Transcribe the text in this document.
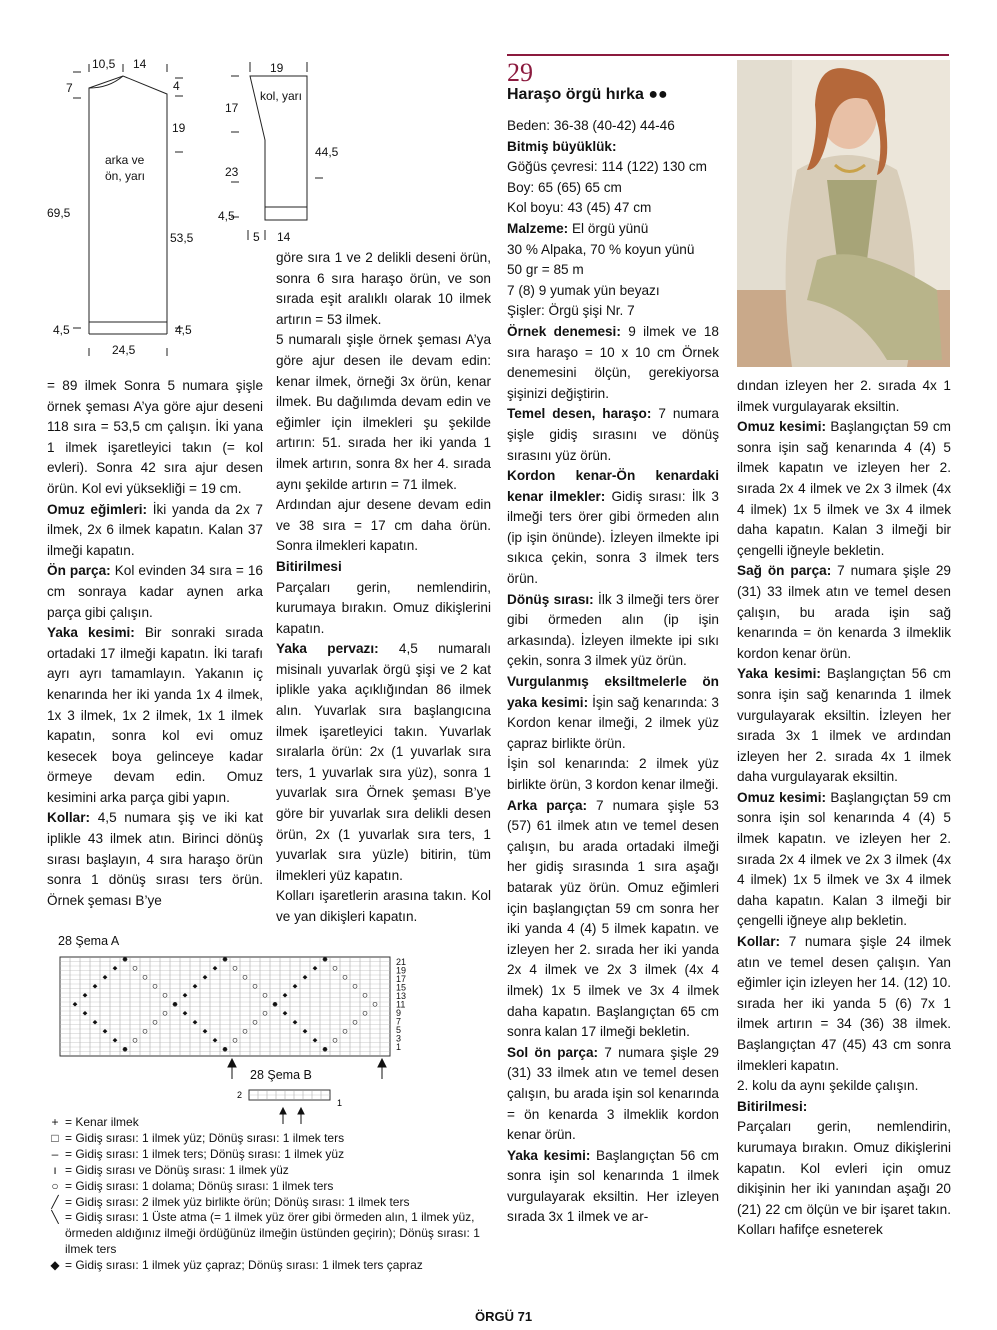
10,5 14
7	4
19
arka ve
ön, yarı
69,5
53,5
4,5	4,5
24,5
19
kol, yarı
17
23
44,5
4,5
5 14

= 89 ilmek Sonra 5 numara şişle örnek şeması A’ya göre ajur deseni 118 sıra = 53,5 cm çalışın. İki yana 1 ilmek işaretleyici takın (= kol evleri). Sonra 42 sıra ajur desen örün. Kol evi yüksekliği = 19 cm.

Omuz eğimleri: İki yanda da 2x 7 ilmek, 2x 6 ilmek kapatın. Kalan 37 ilmeği kapatın.

Ön parça: Kol evinden 34 sıra = 16 cm sonraya kadar aynen arka parça gibi çalışın.

Yaka kesimi: Bir sonraki sırada ortadaki 17 ilmeği kapatın. İki tarafı ayrı ayrı tamamlayın. Yakanın iç kenarında her iki yanda 1x 4 ilmek, 1x 3 ilmek, 1x 2 ilmek, 1x 1 ilmek kapatın, sonra kol evi omuz kesecek boya gelinceye kadar örmeye devam edin. Omuz kesimini arka parça gibi yapın.

Kollar: 4,5 numara şiş ve iki kat iplikle 43 ilmek atın. Birinci dönüş sırası başlayın, 4 sıra haraşo örün sonra 1 dönüş sırası ters örün. Örnek şeması B’ye

göre sıra 1 ve 2 delikli deseni örün, sonra 6 sıra haraşo örün, ve son sırada eşit aralıklı olarak 10 ilmek artırın = 53 ilmek.

5 numaralı şişle örnek şeması A’ya göre ajur desen ile devam edin: kenar ilmek, örneği 3x örün, kenar ilmek. Bu dağılımda devam edin ve eğimler için ilmekleri şu şekilde artırın: 51. sırada her iki yanda 1 ilmek artırın, sonra 8x her 4. sırada aynı şekilde artırın = 71 ilmek.

Ardından ajur desene devam edin ve 38 sıra = 17 cm daha örün. Sonra ilmekleri kapatın.

Bitirilmesi

Parçaları gerin, nemlendirin, kurumaya bırakın. Omuz dikişlerini kapatın.

Yaka pervazı: 4,5 numaralı misinalı yuvarlak örgü şişi ve 2 kat iplikle yaka açıklığından 86 ilmek alın. Yuvarlak sıra başlangıcına ilmek işaretleyici takın. Yuvarlak sıralarla örün: 2x (1 yuvarlak sıra ters, 1 yuvarlak sıra yüz), sonra 1 yuvarlak sıra Örnek şeması B’ye göre bir yuvarlak sıra delikli desen örün, 2x (1 yuvarlak sıra ters, 1 yuvarlak sıra yüzle) bitirin, tüm ilmekleri yüz kapatın.

Kolları işaretlerin arasına takın. Kol ve yan dikişleri kapatın.

28 Şema A
21
19
17
15
13
11
9
7
5
3
1
28 Şema B
2
1
+ = Kenar ilmek
□ = Gidiş sırası: 1 ilmek yüz; Dönüş sırası: 1 ilmek ters
– = Gidiş sırası: 1 ilmek ters; Dönüş sırası: 1 ilmek yüz
ı = Gidiş sırası ve Dönüş sırası: 1 ilmek yüz
○ = Gidiş sırası: 1 dolama; Dönüş sırası: 1 ilmek ters
╱ = Gidiş sırası: 2 ilmek yüz birlikte örün; Dönüş sırası: 1 ilmek ters
╲ = Gidiş sırası: 1 Üste atma (= 1 ilmek yüz örer gibi örmeden alın, 1 ilmek yüz, örmeden aldığınız ilmeği ördüğünüz ilmeğin üstünden geçirin); Dönüş sırası: 1 ilmek ters
◆ = Gidiş sırası: 1 ilmek yüz çapraz; Dönüş sırası: 1 ilmek ters çapraz
29
Haraşo örgü hırka ●●

Beden: 36-38 (40-42) 44-46

Bitmiş büyüklük:

Göğüs çevresi: 114 (122) 130 cm

Boy: 65 (65) 65 cm

Kol boyu: 43 (45) 47 cm

Malzeme: El örgü yünü

30 % Alpaka, 70 % koyun yünü

50 gr = 85 m

7 (8) 9 yumak yün beyazı

Şişler: Örgü şişi Nr. 7

Örnek denemesi: 9 ilmek ve 18 sıra haraşo = 10 x 10 cm Örnek denemesini ölçün, gerekiyorsa şişinizi değiştirin.

Temel desen, haraşo: 7 numara şişle gidiş sırasını ve dönüş sırasını yüz örün.

Kordon kenar-Ön kenardaki kenar ilmekler: Gidiş sırası: İlk 3 ilmeği ters örer gibi örmeden alın (ip işin önünde). İzleyen ilmekte ipi sıkıca çekin, sonra 3 ilmek ters örün.

Dönüş sırası: İlk 3 ilmeği ters örer gibi örmeden alın (ip işin arkasında). İzleyen ilmekte ipi sıkı çekin, sonra 3 ilmek yüz örün.

Vurgulanmış eksiltmelerle ön yaka kesimi: İşin sağ kenarında: 3 Kordon kenar ilmeği, 2 ilmek yüz çapraz birlikte örün.

İşin sol kenarında: 2 ilmek yüz birlikte örün, 3 kordon kenar ilmeği.

Arka parça: 7 numara şişle 53 (57) 61 ilmek atın ve temel desen çalışın, bu arada ortadaki ilmeği her gidiş sırasında 1 sıra aşağı batarak yüz örün. Omuz eğimleri için başlangıçtan 59 cm sonra her iki yanda 4 (4) 5 ilmek kapatın. ve izleyen her 2. sırada her iki yanda 2x 4 ilmek ve 2x 3 ilmek (4x 4 ilmek) 1x 5 ilmek ve 3x 4 ilmek daha kapatın. Başlangıçtan 65 cm sonra kalan 17 ilmeği bekletin.

Sol ön parça: 7 numara şişle 29 (31) 33 ilmek atın ve temel desen çalışın, bu arada işin sol kenarında = ön kenarda 3 ilmeklik kordon kenar örün.

Yaka kesimi: Başlangıçtan 56 cm sonra işin sol kenarında 1 ilmek vurgulayarak eksiltin. Her izleyen sırada 3x 1 ilmek ve ar-

dından izleyen her 2. sırada 4x 1 ilmek vurgulayarak eksiltin.

Omuz kesimi: Başlangıçtan 59 cm sonra işin sağ kenarında 4 (4) 5 ilmek kapatın ve izleyen her 2. sırada 2x 4 ilmek ve 2x 3 ilmek (4x 4 ilmek) 1x 5 ilmek ve 3x 4 ilmek daha kapatın. Kalan 3 ilmeği bir çengelli iğneyle bekletin.

Sağ ön parça: 7 numara şişle 29 (31) 33 ilmek atın ve temel desen çalışın, bu arada işin sağ kenarında = ön kenarda 3 ilmeklik kordon kenar örün.

Yaka kesimi: Başlangıçtan 56 cm sonra işin sağ kenarında 1 ilmek vurgulayarak eksiltin. İzleyen her sırada 3x 1 ilmek ve ardından izleyen her 2. sırada 4x 1 ilmek daha vurgulayarak eksiltin.

Omuz kesimi: Başlangıçtan 59 cm sonra işin sol kenarında 4 (4) 5 ilmek kapatın. ve izleyen her 2. sırada 2x 4 ilmek ve 2x 3 ilmek (4x 4 ilmek) 1x 5 ilmek ve 3x 4 ilmek daha kapatın. Kalan 3 ilmeği bir çengelli iğneye alıp bekletin.

Kollar: 7 numara şişle 24 ilmek atın ve temel desen çalışın. Yan eğimler için izleyen her 14. (12) 10. sırada her iki yanda 5 (6) 7x 1 ilmek artırın = 34 (36) 38 ilmek. Başlangıçtan 47 (45) 43 cm sonra ilmekleri kapatın.

2. kolu da aynı şekilde çalışın.

Bitirilmesi:

Parçaları gerin, nemlendirin, kurumaya bırakın. Omuz dikişlerini kapatın. Kol evleri için omuz dikişinin her iki yanından aşağı 20 (21) 22 cm ölçün ve bir işaret takın. Kolları hafifçe esneterek

ÖRGÜ 71
